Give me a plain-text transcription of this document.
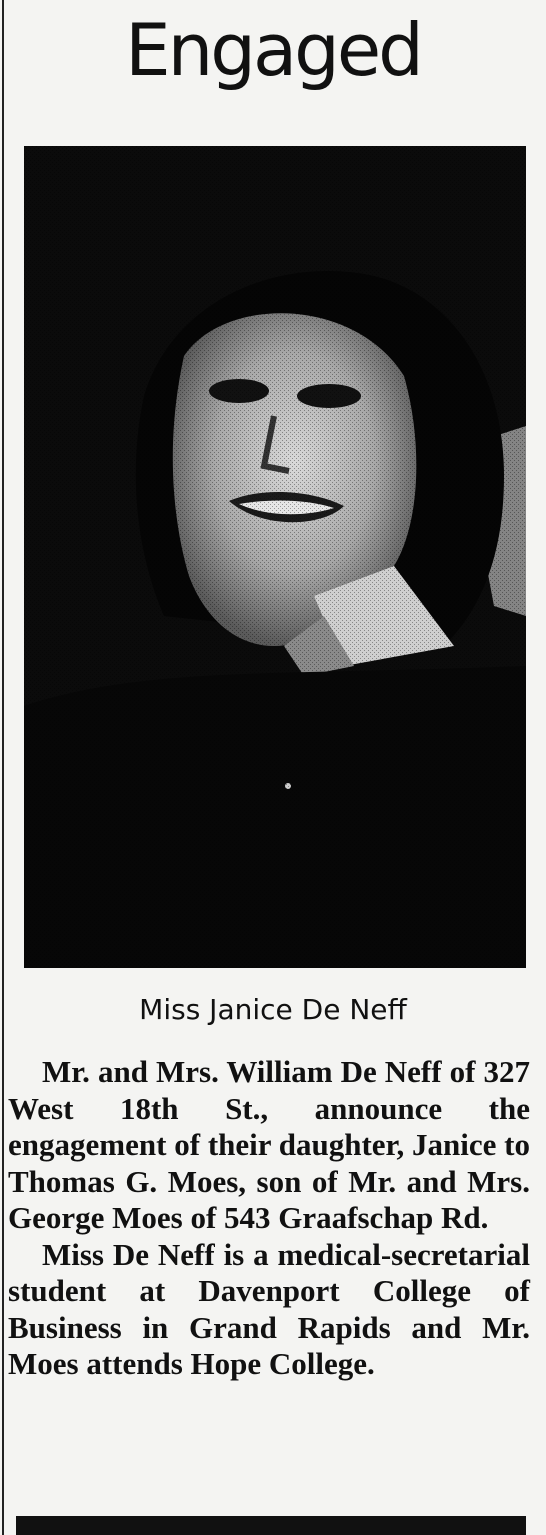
Engaged
Miss Janice De Neff

Mr. and Mrs. William De Neff of 327 West 18th St., announce the engagement of their daughter, Janice to Thomas G. Moes, son of Mr. and Mrs. George Moes of 543 Graafschap Rd.

Miss De Neff is a medical-secretarial student at Davenport College of Business in Grand Rapids and Mr. Moes attends Hope College.
